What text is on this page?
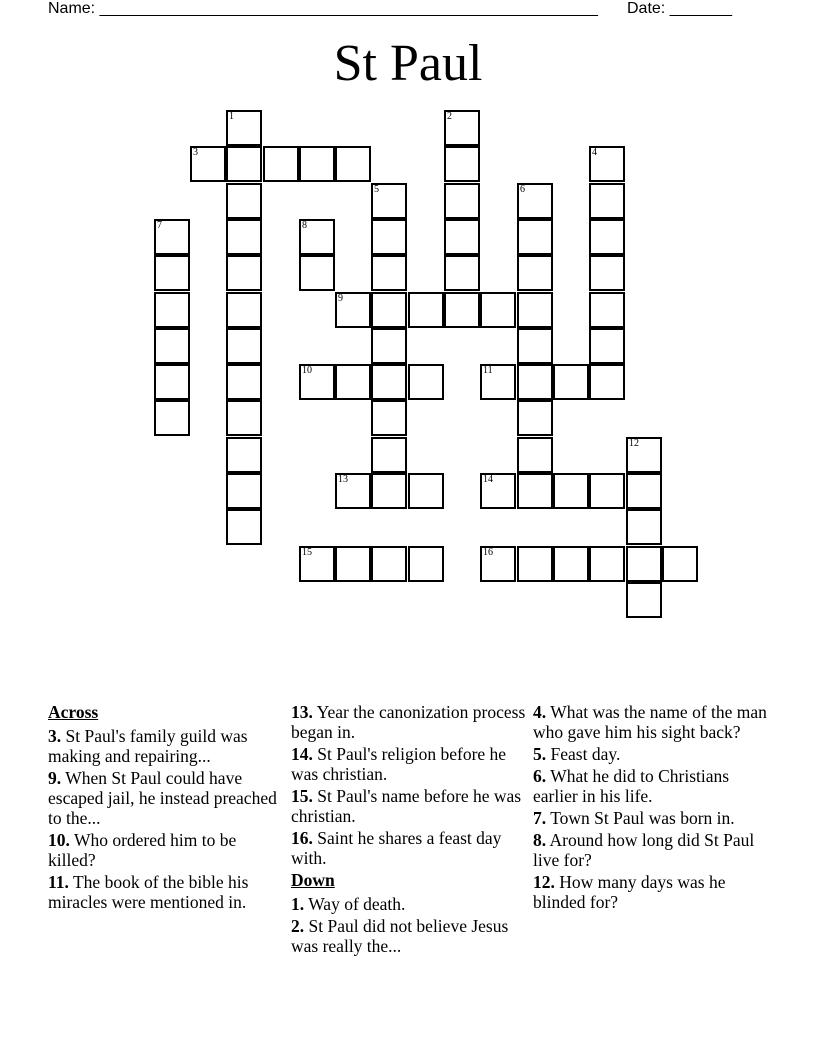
Name: ________________________________________________________ Date: _______
St Paul
1	2
3	4
5	6
7	8
9
10	11
12
13	14
15	16
Across
3. St Paul's family guild was making and repairing...
9. When St Paul could have escaped jail, he instead preached to the...
10. Who ordered him to be killed?
11. The book of the bible his miracles were mentioned in.
13. Year the canonization process began in.
14. St Paul's religion before he was christian.
15. St Paul's name before he was christian.
16. Saint he shares a feast day with.
Down
1. Way of death.
2. St Paul did not believe Jesus was really the...
4. What was the name of the man who gave him his sight back?
5. Feast day.
6. What he did to Christians earlier in his life.
7. Town St Paul was born in.
8. Around how long did St Paul live for?
12. How many days was he blinded for?
